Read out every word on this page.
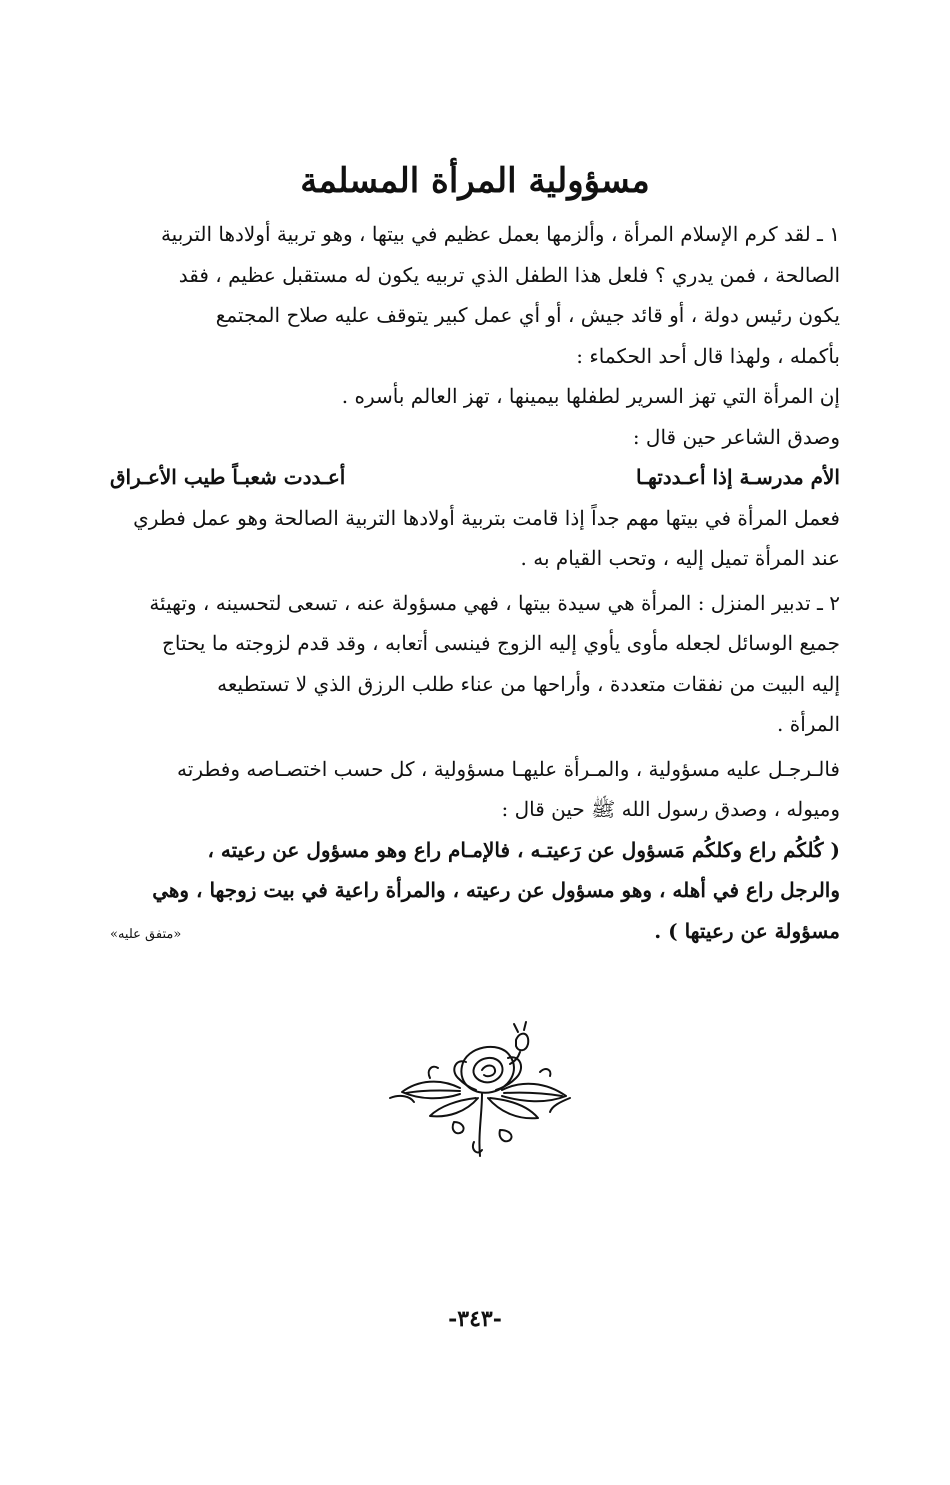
مسؤولية المرأة المسلمة

١ ـ لقد كرم الإسلام المرأة ، وألزمها بعمل عظيم في بيتها ، وهو تربية أولادها التربية
الصالحة ، فمن يدري ؟ فلعل هذا الطفل الذي تربيه يكون له مستقبل عظيم ، فقد
يكون رئيس دولة ، أو قائد جيش ، أو أي عمل كبير يتوقف عليه صلاح المجتمع
بأكمله ، ولهذا قال أحد الحكماء :

إن المرأة التي تهز السرير لطفلها بيمينها ، تهز العالم بأسره .

وصدق الشاعر حين قال :

الأم مدرسـة إذا أعـددتهـا
أعـددت شعبـاً طيب الأعـراق

فعمل المرأة في بيتها مهم جداً إذا قامت بتربية أولادها التربية الصالحة وهو عمل فطري
عند المرأة تميل إليه ، وتحب القيام به .

٢ ـ تدبير المنزل : المرأة هي سيدة بيتها ، فهي مسؤولة عنه ، تسعى لتحسينه ، وتهيئة
جميع الوسائل لجعله مأوى يأوي إليه الزوج فينسى أتعابه ، وقد قدم لزوجته ما يحتاج
إليه البيت من نفقات متعددة ، وأراحها من عناء طلب الرزق الذي لا تستطيعه
المرأة .

فالـرجـل عليه مسؤولية ، والمـرأة عليهـا مسؤولية ، كل حسب اختصـاصه وفطرته
وميوله ، وصدق رسول الله ﷺ حين قال :

( كُلكُم راع وكلكُم مَسؤول عن رَعيتـه ، فالإمـام راع وهو مسؤول عن رعيته ،
والرجل راع في أهله ، وهو مسؤول عن رعيته ، والمرأة راعية في بيت زوجها ، وهي

مسؤولة عن رعيتها ) .
«متفق عليه»

-٣٤٣-
